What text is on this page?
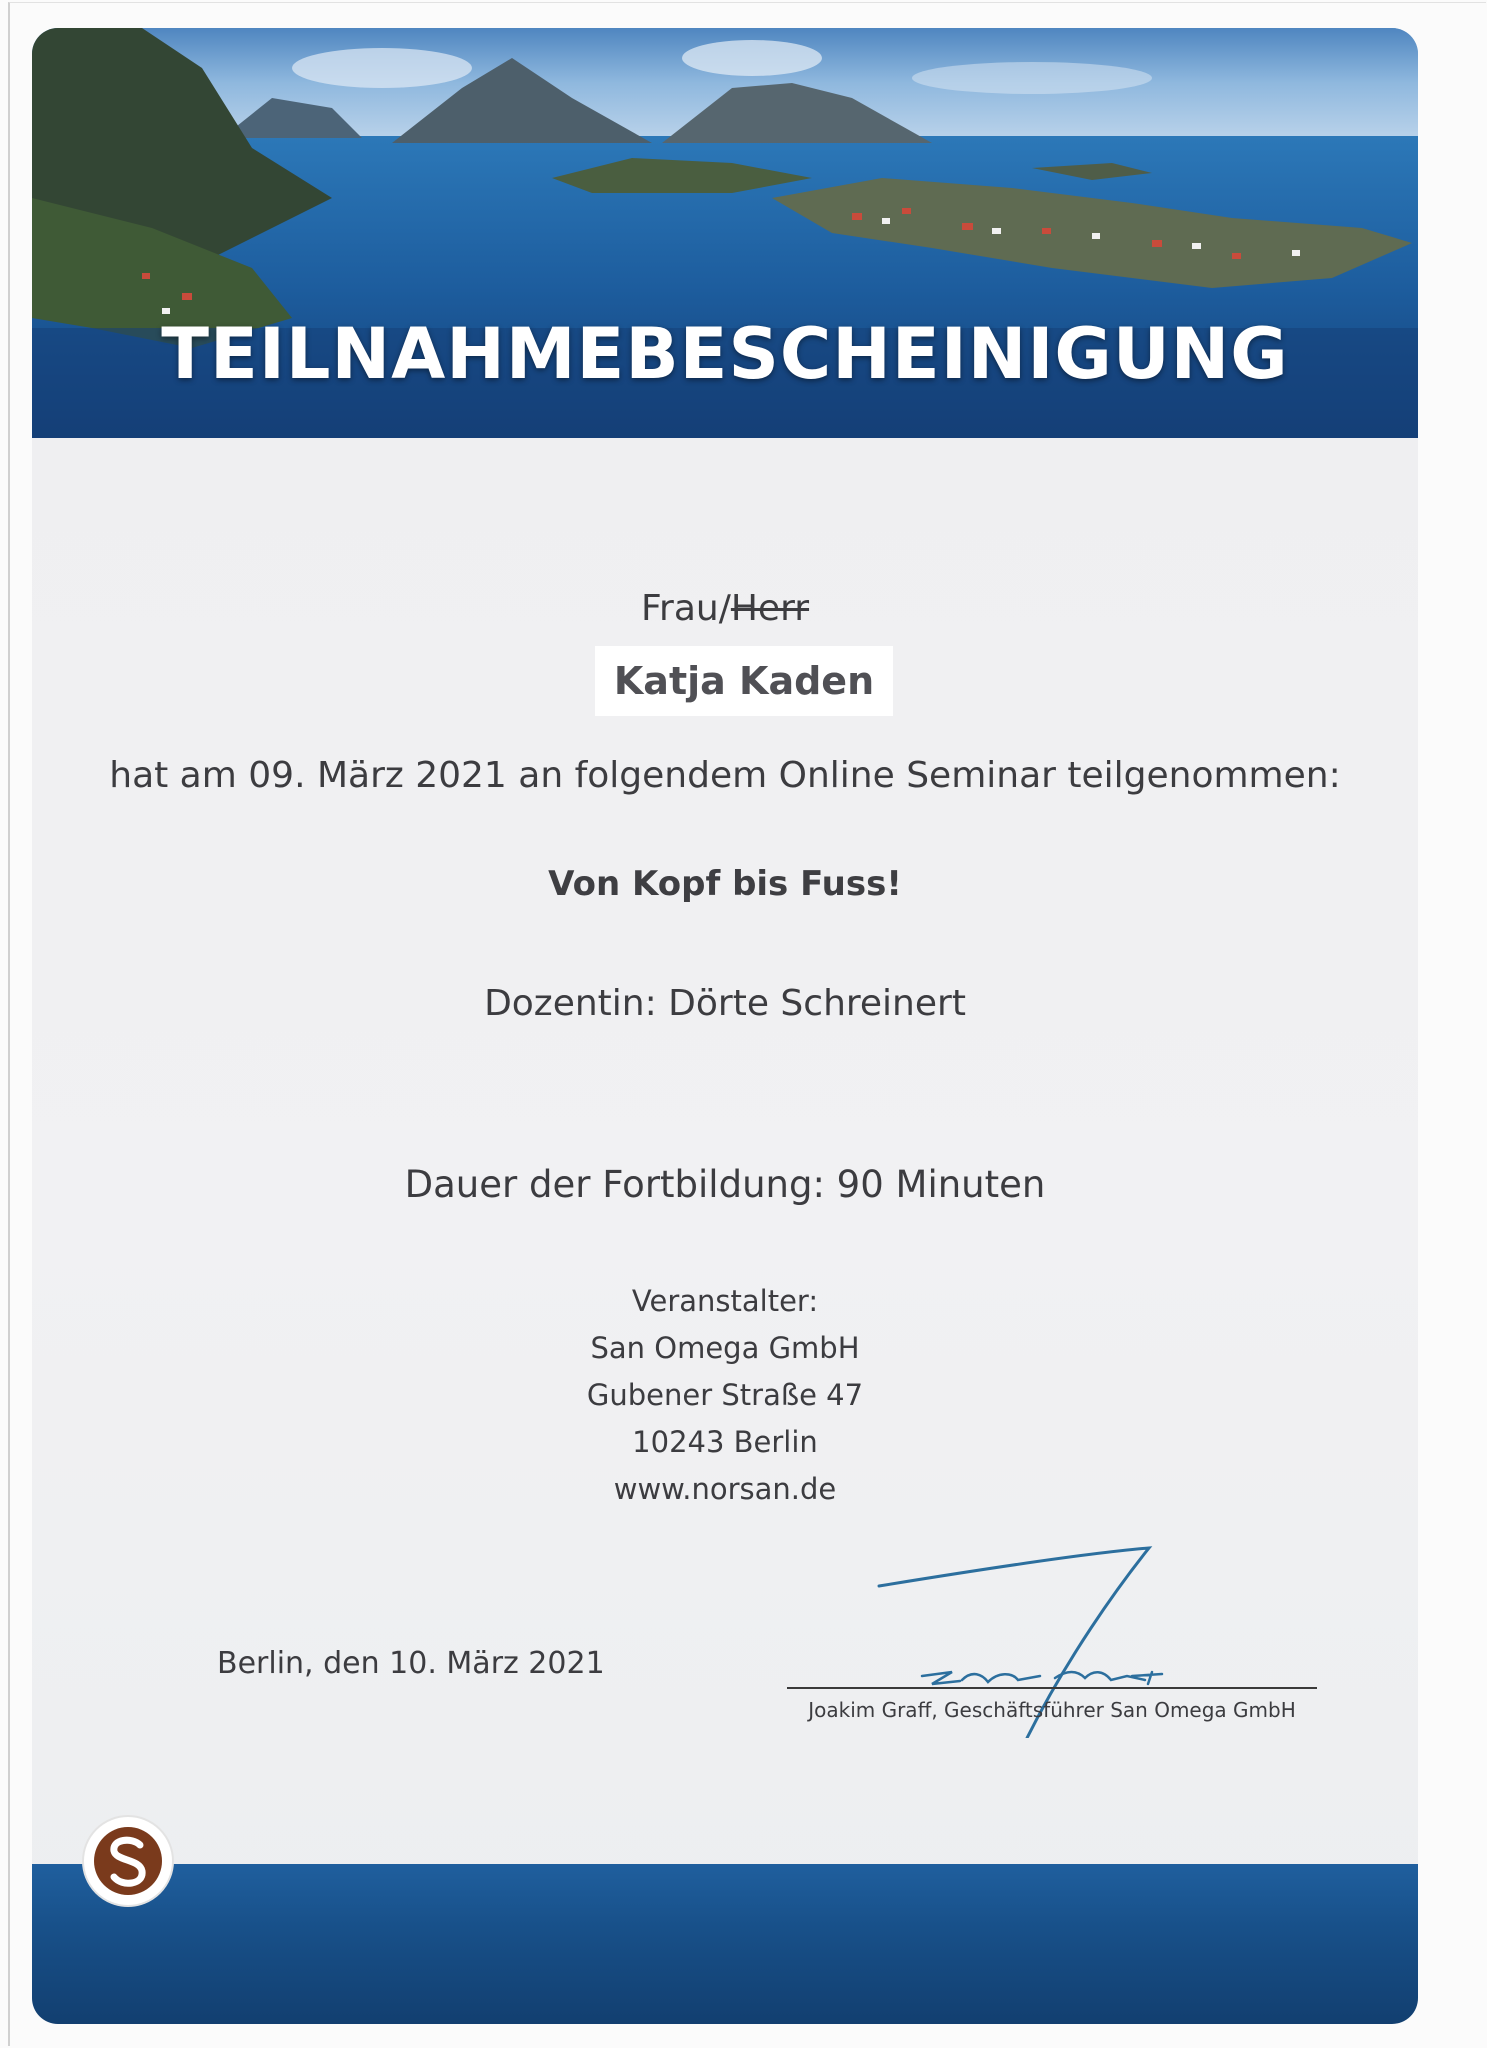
TEILNAHMEBESCHEINIGUNG
Frau/Herr
Katja Kaden
hat am 09. März 2021 an folgendem Online Seminar teilgenommen:
Von Kopf bis Fuss!
Dozentin: Dörte Schreinert
Dauer der Fortbildung: 90 Minuten
Veranstalter:
San Omega GmbH
Gubener Straße 47
10243 Berlin
www.norsan.de
Berlin, den 10. März 2021
Joakim Graff, Geschäftsführer San Omega GmbH
